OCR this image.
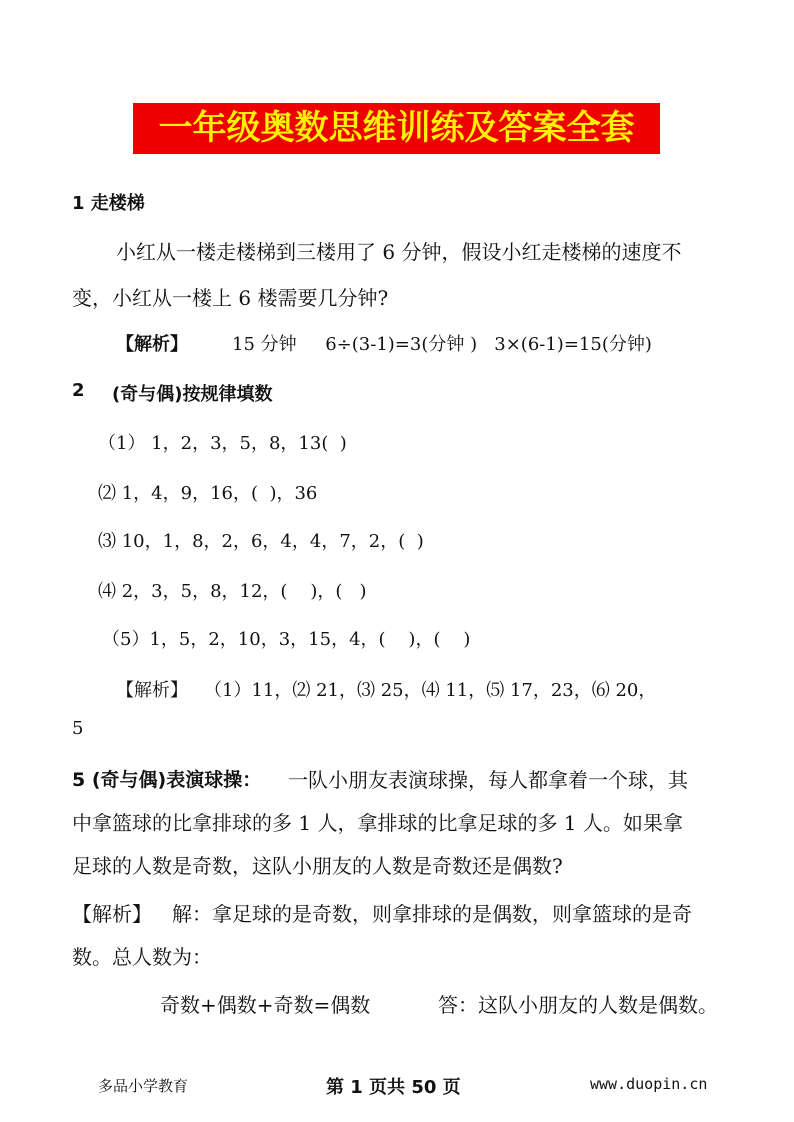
一年级奥数思维训练及答案全套
1 走楼梯
小红从一楼走楼梯到三楼用了 6 分钟，假设小红走楼梯的速度不
变，小红从一楼上 6 楼需要几分钟?
【解析】 15 分钟     6÷(3-1)=3(分钟 )   3×(6-1)=15(分钟)
2 (奇与偶)按规律填数
（1） 1，2，3，5，8，13(  )
⑵ 1，4，9，16，(  )，36
⑶ 10，1，8，2，6，4，4，7，2，(  )
⑷ 2，3，5，8，12，(    )，(   )
（5）1，5，2，10，3，15，4，(    )，(    )
【解析】 （1）11，⑵ 21，⑶ 25，⑷ 11，⑸ 17，23，⑹ 20，
5
5 (奇与偶)表演球操： 一队小朋友表演球操，每人都拿着一个球，其
中拿篮球的比拿排球的多 1 人，拿排球的比拿足球的多 1 人。如果拿
足球的人数是奇数，这队小朋友的人数是奇数还是偶数?
【解析】 解：拿足球的是奇数，则拿排球的是偶数，则拿篮球的是奇
数。总人数为：
奇数+偶数+奇数=偶数	答：这队小朋友的人数是偶数。
多品小学教育	第 1 页共 50 页	www.duopin.cn
